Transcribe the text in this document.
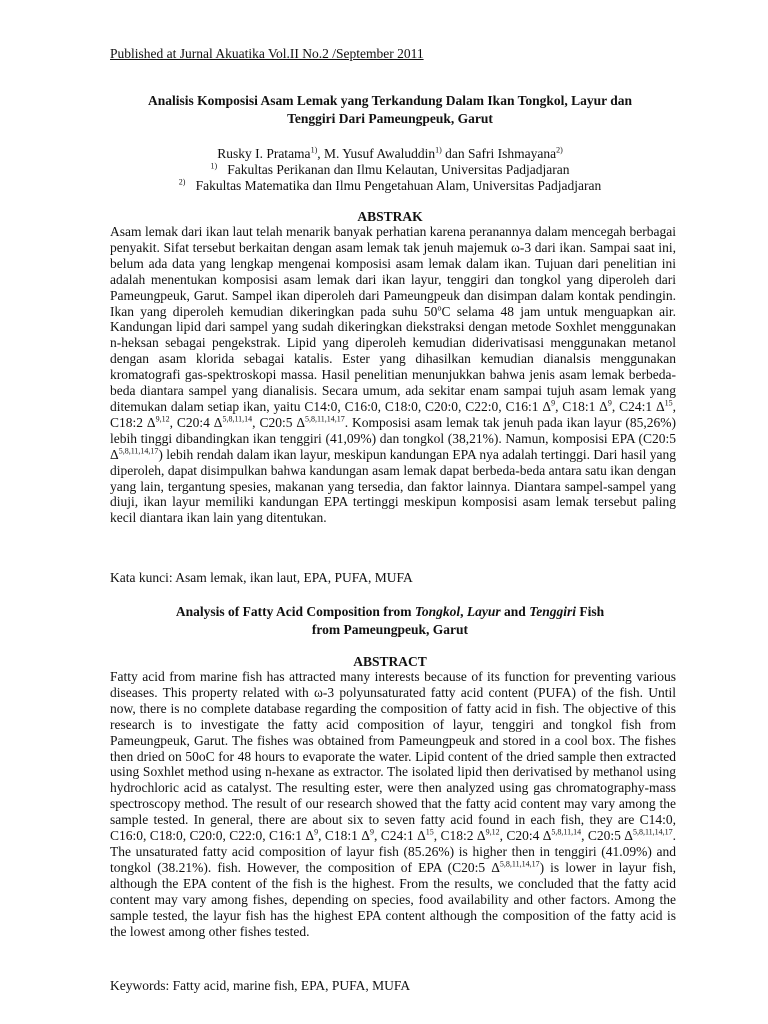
Published at Jurnal Akuatika Vol.II No.2 /September 2011
Analisis Komposisi Asam Lemak yang Terkandung Dalam Ikan Tongkol, Layur dan
Tenggiri Dari Pameungpeuk, Garut
Rusky I. Pratama$^{1)}$, M. Yusuf Awaluddin$^{1)}$ dan Safri Ishmayana$^{2)}$
$^{1)}$ Fakultas Perikanan dan Ilmu Kelautan, Universitas Padjadjaran
$^{2)}$ Fakultas Matematika dan Ilmu Pengetahuan Alam, Universitas Padjadjaran
ABSTRAK
Asam lemak dari ikan laut telah menarik banyak perhatian karena peranannya dalam mencegah berbagai penyakit. Sifat tersebut berkaitan dengan asam lemak tak jenuh majemuk ω-3 dari ikan. Sampai saat ini, belum ada data yang lengkap mengenai komposisi asam lemak dalam ikan. Tujuan dari penelitian ini adalah menentukan komposisi asam lemak dari ikan layur, tenggiri dan tongkol yang diperoleh dari Pameungpeuk, Garut. Sampel ikan diperoleh dari Pameungpeuk dan disimpan dalam kontak pendingin. Ikan yang diperoleh kemudian dikeringkan pada suhu 50$^o$C selama 48 jam untuk menguapkan air. Kandungan lipid dari sampel yang sudah dikeringkan diekstraksi dengan metode Soxhlet menggunakan n-heksan sebagai pengekstrak. Lipid yang diperoleh kemudian diderivatisasi menggunakan metanol dengan asam klorida sebagai katalis. Ester yang dihasilkan kemudian dianalsis menggunakan kromatografi gas-spektroskopi massa. Hasil penelitian menunjukkan bahwa jenis asam lemak berbeda-beda diantara sampel yang dianalisis. Secara umum, ada sekitar enam sampai tujuh asam lemak yang ditemukan dalam setiap ikan, yaitu C14:0, C16:0, C18:0, C20:0, C22:0, C16:1 $\Delta^9$, C18:1 $\Delta^9$, C24:1 $\Delta^{15}$, C18:2 Δ$^{9,12}$, C20:4 Δ$^{5,8,11,14}$, C20:5 Δ$^{5,8,11,14,17}$. Komposisi asam lemak tak jenuh pada ikan layur (85,26%) lebih tinggi dibandingkan ikan tenggiri (41,09%) dan tongkol (38,21%). Namun, komposisi EPA (C20:5 Δ$^{5,8,11,14,17}$) lebih rendah dalam ikan layur, meskipun kandungan EPA nya adalah tertinggi. Dari hasil yang diperoleh, dapat disimpulkan bahwa kandungan asam lemak dapat berbeda-beda antara satu ikan dengan yang lain, tergantung spesies, makanan yang tersedia, dan faktor lainnya. Diantara sampel-sampel yang diuji, ikan layur memiliki kandungan EPA tertinggi meskipun komposisi asam lemak tersebut paling kecil diantara ikan lain yang ditentukan.
Kata kunci: Asam lemak, ikan laut, EPA, PUFA, MUFA
Analysis of Fatty Acid Composition from Tongkol, Layur and Tenggiri Fish
from Pameungpeuk, Garut
ABSTRACT
Fatty acid from marine fish has attracted many interests because of its function for preventing various diseases. This property related with ω-3 polyunsaturated fatty acid content (PUFA) of the fish. Until now, there is no complete database regarding the composition of fatty acid in fish. The objective of this research is to investigate the fatty acid composition of layur, tenggiri and tongkol fish from Pameungpeuk, Garut. The fishes was obtained from Pameungpeuk and stored in a cool box. The fishes then dried on 50oC for 48 hours to evaporate the water. Lipid content of the dried sample then extracted using Soxhlet method using n-hexane as extractor. The isolated lipid then derivatised by methanol using hydrochloric acid as catalyst. The resulting ester, were then analyzed using gas chromatography-mass spectroscopy method. The result of our research showed that the fatty acid content may vary among the sample tested. In general, there are about six to seven fatty acid found in each fish, they are C14:0, C16:0, C18:0, C20:0, C22:0, C16:1 $\Delta^9$, C18:1 $\Delta^9$, C24:1 $\Delta^{15}$, C18:2 Δ$^{9,12}$, C20:4 Δ$^{5,8,11,14}$, C20:5 Δ$^{5,8,11,14,17}$. The unsaturated fatty acid composition of layur fish (85.26%) is higher then in tenggiri (41.09%) and tongkol (38.21%). fish. However, the composition of EPA (C20:5 Δ$^{5,8,11,14,17}$) is lower in layur fish, although the EPA content of the fish is the highest. From the results, we concluded that the fatty acid content may vary among fishes, depending on species, food availability and other factors. Among the sample tested, the layur fish has the highest EPA content although the composition of the fatty acid is the lowest among other fishes tested.
Keywords: Fatty acid, marine fish, EPA, PUFA, MUFA
